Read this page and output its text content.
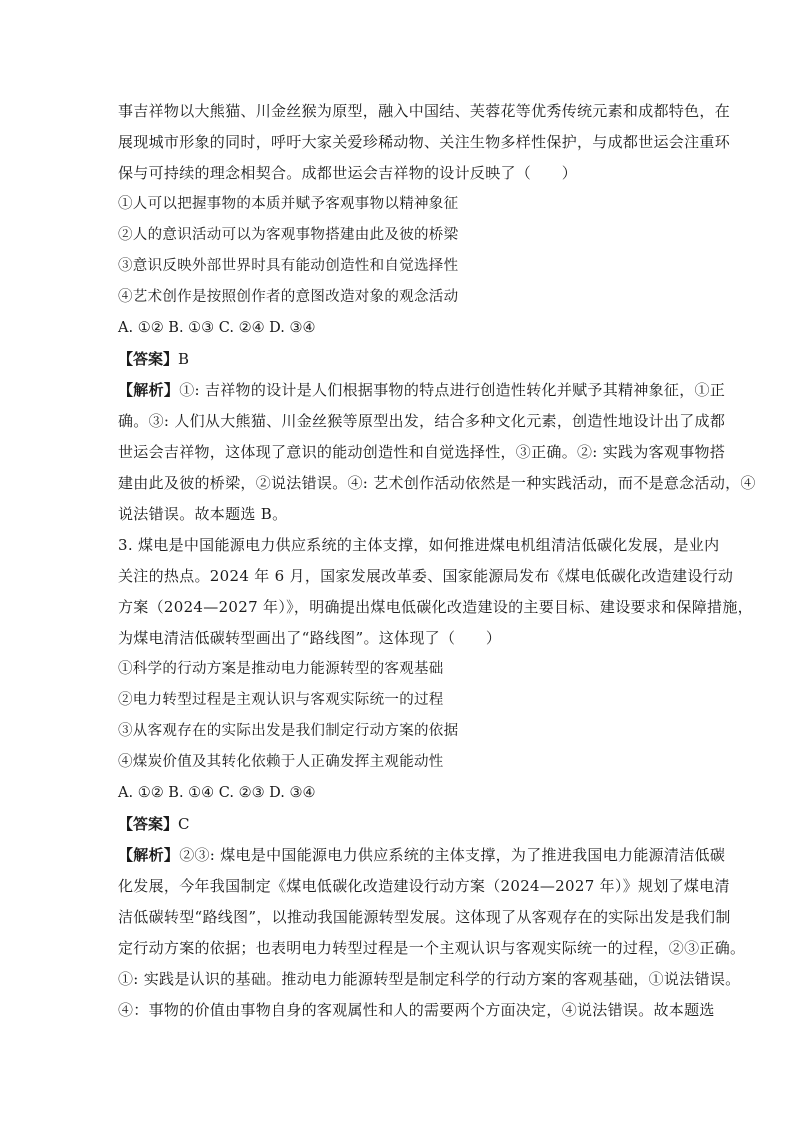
事吉祥物以大熊猫、川金丝猴为原型，融入中国结、芙蓉花等优秀传统元素和成都特色，在
展现城市形象的同时，呼吁大家关爱珍稀动物、关注生物多样性保护，与成都世运会注重环
保与可持续的理念相契合。成都世运会吉祥物的设计反映了（　　）
①人可以把握事物的本质并赋予客观事物以精神象征
②人的意识活动可以为客观事物搭建由此及彼的桥梁
③意识反映外部世界时具有能动创造性和自觉选择性
④艺术创作是按照创作者的意图改造对象的观念活动
A. ①② B. ①③ C. ②④ D. ③④
【答案】B
【解析】①: 吉祥物的设计是人们根据事物的特点进行创造性转化并赋予其精神象征，①正
确。③: 人们从大熊猫、川金丝猴等原型出发，结合多种文化元素，创造性地设计出了成都
世运会吉祥物，这体现了意识的能动创造性和自觉选择性，③正确。②: 实践为客观事物搭
建由此及彼的桥梁，②说法错误。④: 艺术创作活动依然是一种实践活动，而不是意念活动，④
说法错误。故本题选 B。
3. 煤电是中国能源电力供应系统的主体支撑，如何推进煤电机组清洁低碳化发展，是业内
关注的热点。2024 年 6 月，国家发展改革委、国家能源局发布《煤电低碳化改造建设行动
方案（2024—2027 年）》，明确提出煤电低碳化改造建设的主要目标、建设要求和保障措施，
为煤电清洁低碳转型画出了“路线图”。这体现了（　　）
①科学的行动方案是推动电力能源转型的客观基础
②电力转型过程是主观认识与客观实际统一的过程
③从客观存在的实际出发是我们制定行动方案的依据
④煤炭价值及其转化依赖于人正确发挥主观能动性
A. ①② B. ①④ C. ②③ D. ③④
【答案】C
【解析】②③: 煤电是中国能源电力供应系统的主体支撑，为了推进我国电力能源清洁低碳
化发展，今年我国制定《煤电低碳化改造建设行动方案（2024—2027 年）》规划了煤电清
洁低碳转型“路线图”，以推动我国能源转型发展。这体现了从客观存在的实际出发是我们制
定行动方案的依据；也表明电力转型过程是一个主观认识与客观实际统一的过程，②③正确。
①: 实践是认识的基础。推动电力能源转型是制定科学的行动方案的客观基础，①说法错误。
④：事物的价值由事物自身的客观属性和人的需要两个方面决定，④说法错误。故本题选
